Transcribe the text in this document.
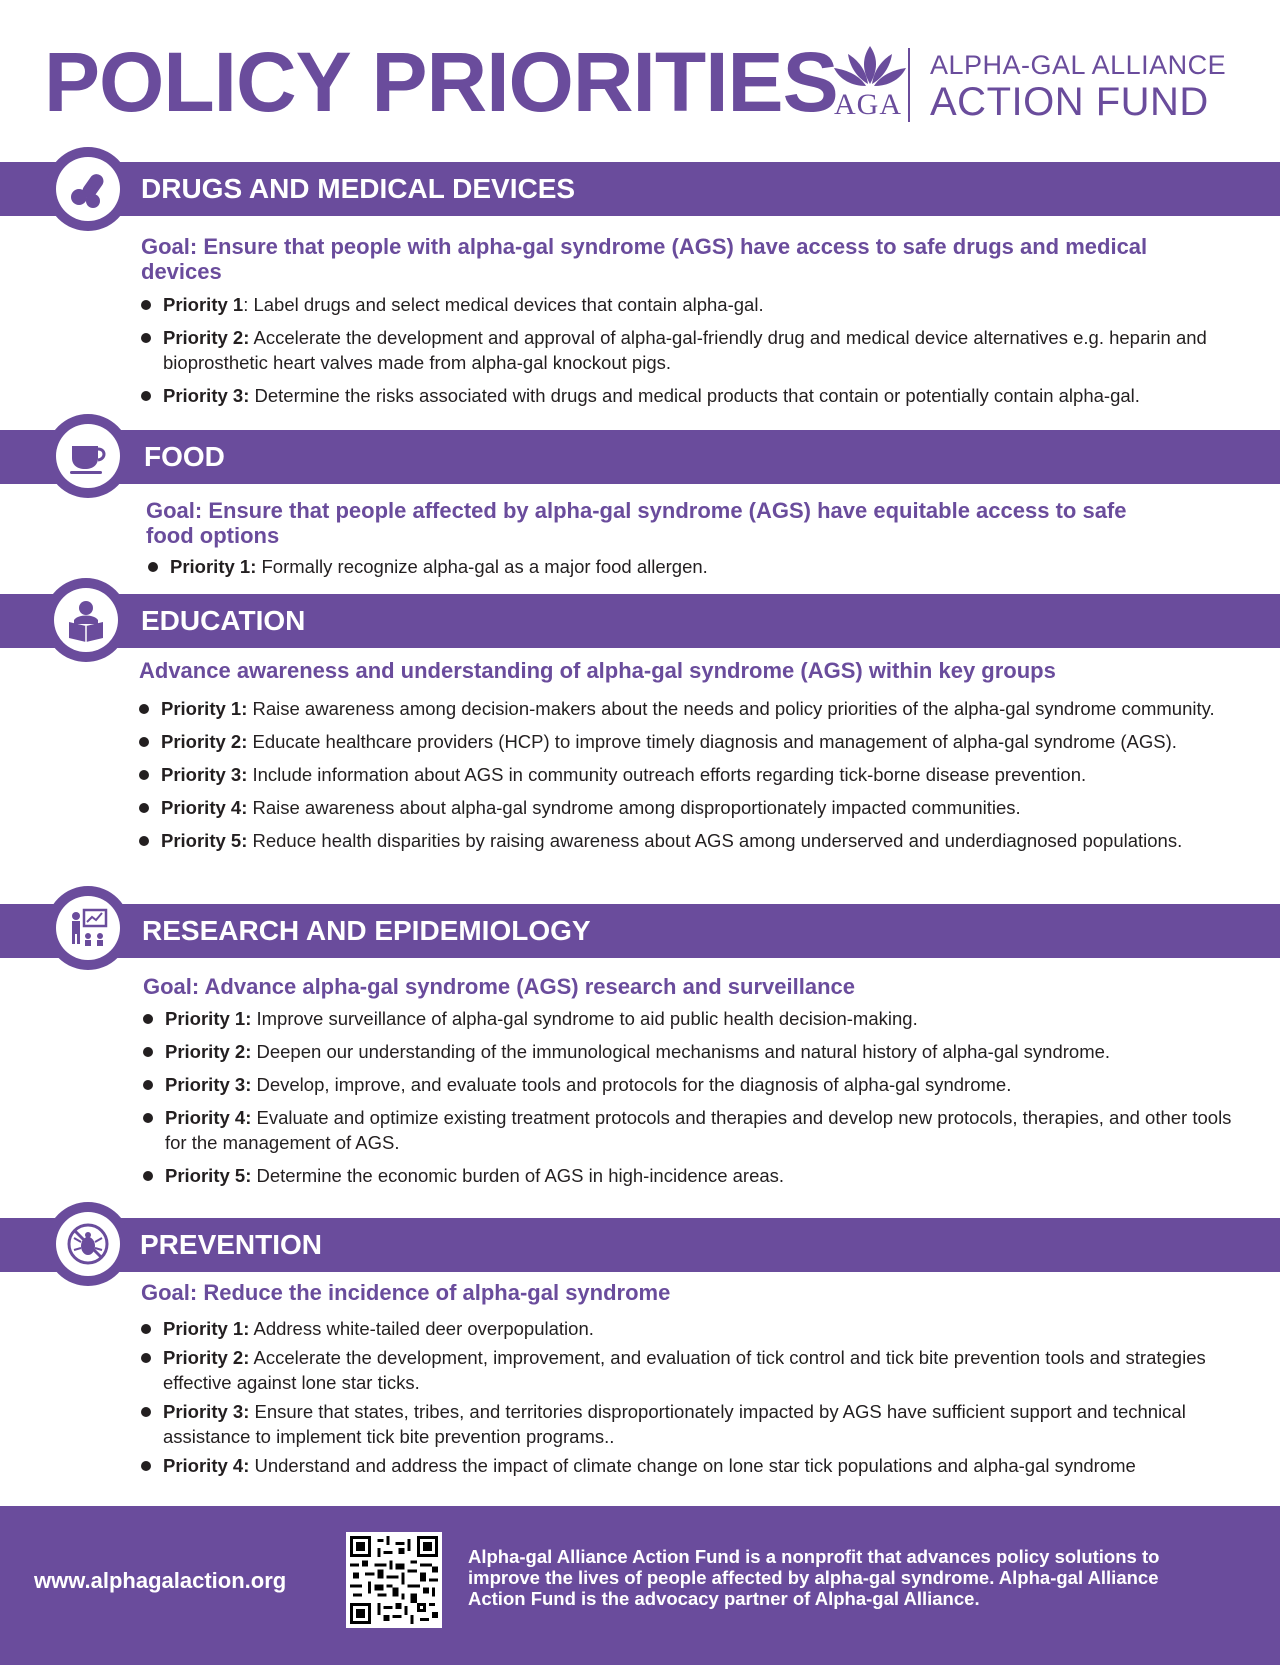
POLICY PRIORITIES
AGA
ALPHA-GAL ALLIANCE
ACTION FUND
DRUGS AND MEDICAL DEVICES
Goal: Ensure that people with alpha-gal syndrome (AGS) have access to safe drugs and medical devices
Priority 1: Label drugs and select medical devices that contain alpha-gal.
Priority 2: Accelerate the development and approval of alpha-gal-friendly drug and medical device alternatives e.g. heparin and bioprosthetic heart valves made from alpha-gal knockout pigs.
Priority 3: Determine the risks associated with drugs and medical products that contain or potentially contain alpha-gal.
FOOD
Goal: Ensure that people affected by alpha-gal syndrome (AGS) have equitable access to safe food options
Priority 1: Formally recognize alpha-gal as a major food allergen.
EDUCATION
Advance awareness and understanding of alpha-gal syndrome (AGS) within key groups
Priority 1: Raise awareness among decision-makers about the needs and policy priorities of the alpha-gal syndrome community.
Priority 2: Educate healthcare providers (HCP) to improve timely diagnosis and management of alpha-gal syndrome (AGS).
Priority 3: Include information about AGS in community outreach efforts regarding tick-borne disease prevention.
Priority 4: Raise awareness about alpha-gal syndrome among disproportionately impacted communities.
Priority 5: Reduce health disparities by raising awareness about AGS among underserved and underdiagnosed populations.
RESEARCH AND EPIDEMIOLOGY
Goal: Advance alpha-gal syndrome (AGS) research and surveillance
Priority 1: Improve surveillance of alpha-gal syndrome to aid public health decision-making.
Priority 2: Deepen our understanding of the immunological mechanisms and natural history of alpha-gal syndrome.
Priority 3: Develop, improve, and evaluate tools and protocols for the diagnosis of alpha-gal syndrome.
Priority 4: Evaluate and optimize existing treatment protocols and therapies and develop new protocols, therapies, and other tools for the management of AGS.
Priority 5: Determine the economic burden of AGS in high-incidence areas.
PREVENTION
Goal: Reduce the incidence of alpha-gal syndrome
Priority 1: Address white-tailed deer overpopulation.
Priority 2: Accelerate the development, improvement, and evaluation of tick control and tick bite prevention tools and strategies effective against lone star ticks.
Priority 3: Ensure that states, tribes, and territories disproportionately impacted by AGS have sufficient support and technical assistance to implement tick bite prevention programs..
Priority 4: Understand and address the impact of climate change on lone star tick populations and alpha-gal syndrome
www.alphagalaction.org
Alpha-gal Alliance Action Fund is a nonprofit that advances policy solutions to improve the lives of people affected by alpha-gal syndrome. Alpha-gal Alliance Action Fund is the advocacy partner of Alpha-gal Alliance.
